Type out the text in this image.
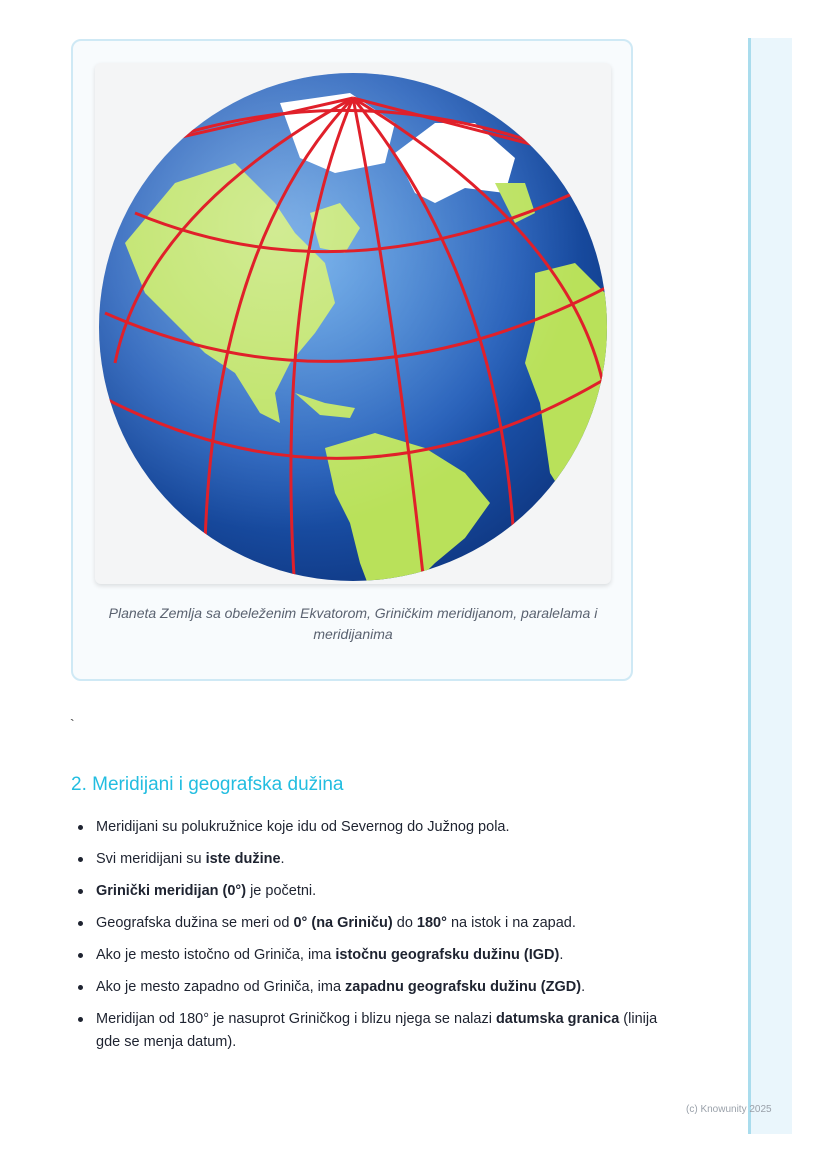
Planeta Zemlja sa obeleženim Ekvatorom, Griničkim meridijanom, paralelama i meridijanima
`
2. Meridijani i geografska dužina
Meridijani su polukružnice koje idu od Severnog do Južnog pola.
Svi meridijani su iste dužine.
Grinički meridijan (0°) je početni.
Geografska dužina se meri od 0° (na Griniču) do 180° na istok i na zapad.
Ako je mesto istočno od Griniča, ima istočnu geografsku dužinu (IGD).
Ako je mesto zapadno od Griniča, ima zapadnu geografsku dužinu (ZGD).
Meridijan od 180° je nasuprot Griničkog i blizu njega se nalazi datumska granica (linija gde se menja datum).
(c) Knowunity 2025
